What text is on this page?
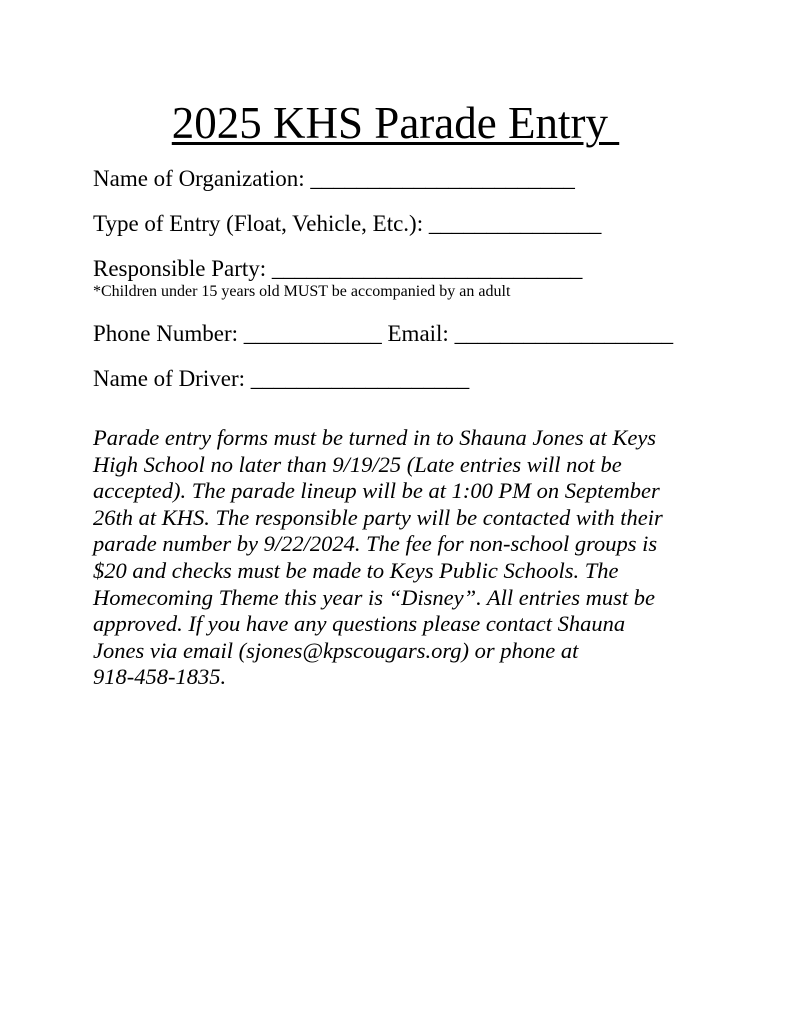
2025 KHS Parade Entry
Name of Organization: _______________________
Type of Entry (Float, Vehicle, Etc.): _______________
Responsible Party: ___________________________
*Children under 15 years old MUST be accompanied by an adult
Phone Number: ____________ Email: ___________________
Name of Driver: ___________________
Parade entry forms must be turned in to Shauna Jones at Keys
High School no later than 9/19/25 (Late entries will not be
accepted). The parade lineup will be at 1:00 PM on September
26th at KHS. The responsible party will be contacted with their
parade number by 9/22/2024. The fee for non-school groups is
$20 and checks must be made to Keys Public Schools. The
Homecoming Theme this year is “Disney”. All entries must be
approved. If you have any questions please contact Shauna
Jones via email (sjones@kpscougars.org) or phone at
918-458-1835.
